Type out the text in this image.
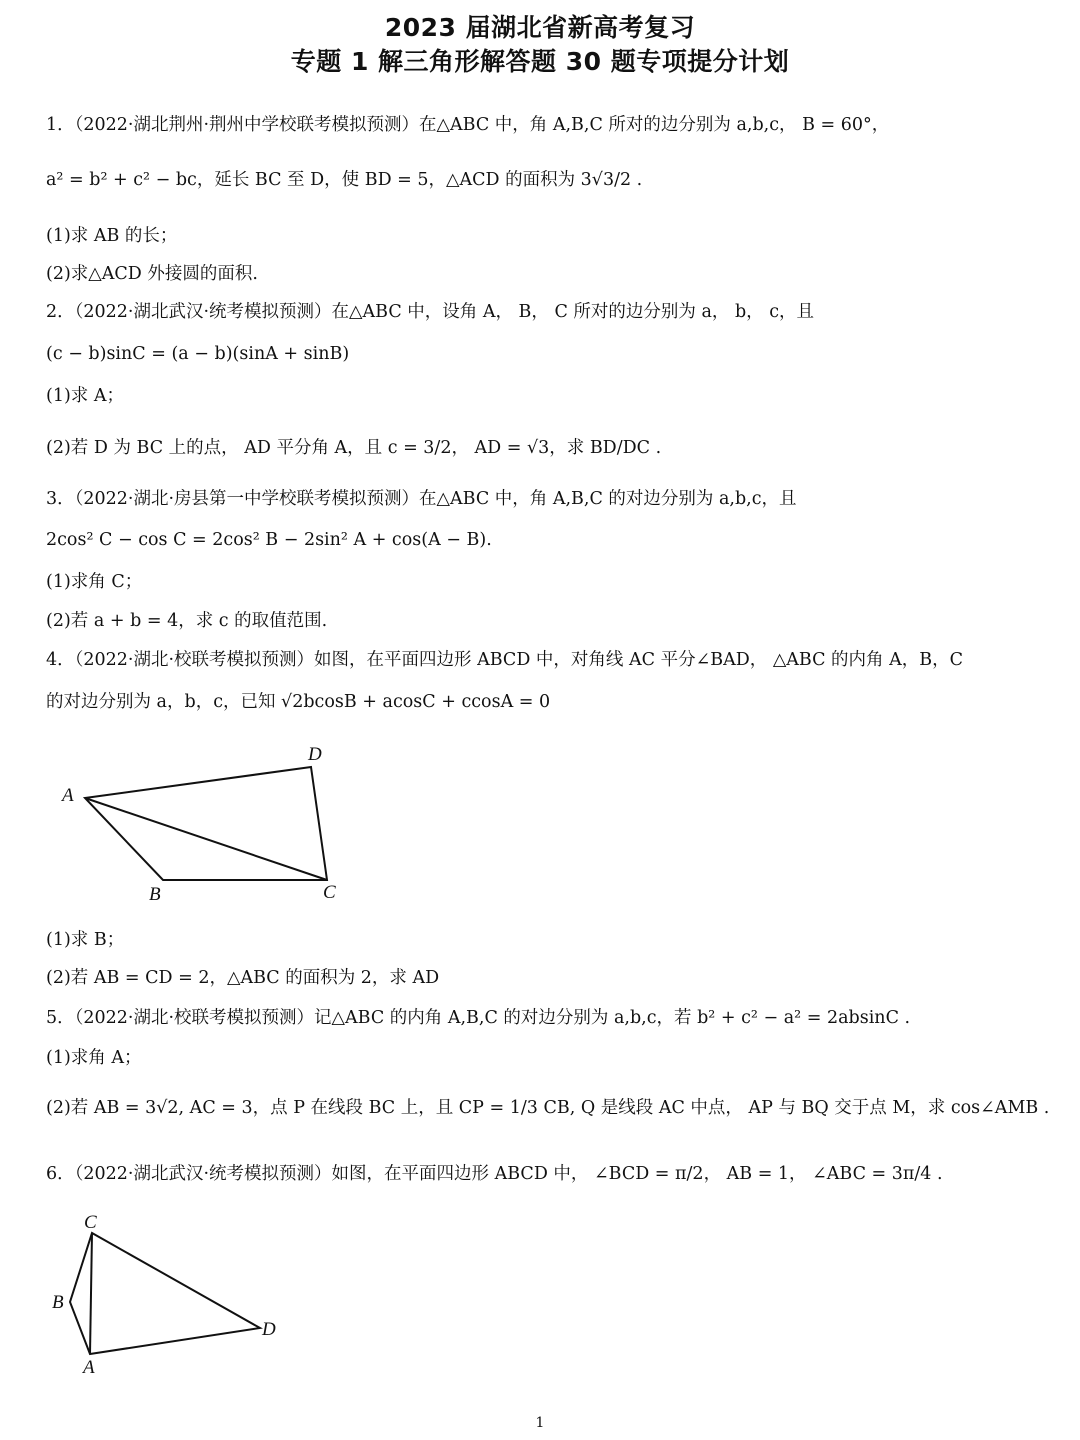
2023 届湖北省新高考复习
专题 1 解三角形解答题 30 题专项提分计划
1．（2022·湖北荆州·荆州中学校联考模拟预测）在△ABC 中，角 A,B,C 所对的边分别为 a,b,c， B = 60°，
a² = b² + c² − bc，延长 BC 至 D，使 BD = 5，△ACD 的面积为 3√3/2 .
(1)求 AB 的长；
(2)求△ACD 外接圆的面积.
2．（2022·湖北武汉·统考模拟预测）在△ABC 中，设角 A， B， C 所对的边分别为 a， b， c，且
(c − b)sinC = (a − b)(sinA + sinB)
(1)求 A；
(2)若 D 为 BC 上的点， AD 平分角 A，且 c = 3/2， AD = √3，求 BD/DC .
3．（2022·湖北·房县第一中学校联考模拟预测）在△ABC 中，角 A,B,C 的对边分别为 a,b,c，且
2cos² C − cos C = 2cos² B − 2sin² A + cos(A − B).
(1)求角 C；
(2)若 a + b = 4，求 c 的取值范围.
4．（2022·湖北·校联考模拟预测）如图，在平面四边形 ABCD 中，对角线 AC 平分∠BAD， △ABC 的内角 A，B，C
的对边分别为 a，b，c，已知 √2bcosB + acosC + ccosA = 0
A
B	C
D
(1)求 B；
(2)若 AB = CD = 2，△ABC 的面积为 2，求 AD
5．（2022·湖北·校联考模拟预测）记△ABC 的内角 A,B,C 的对边分别为 a,b,c，若 b² + c² − a² = 2absinC .
(1)求角 A；
(2)若 AB = 3√2, AC = 3，点 P 在线段 BC 上，且 CP = 1/3 CB, Q 是线段 AC 中点， AP 与 BQ 交于点 M，求 cos∠AMB .
6．（2022·湖北武汉·统考模拟预测）如图，在平面四边形 ABCD 中， ∠BCD = π/2， AB = 1， ∠ABC = 3π/4 .
C
B
D
A
1
